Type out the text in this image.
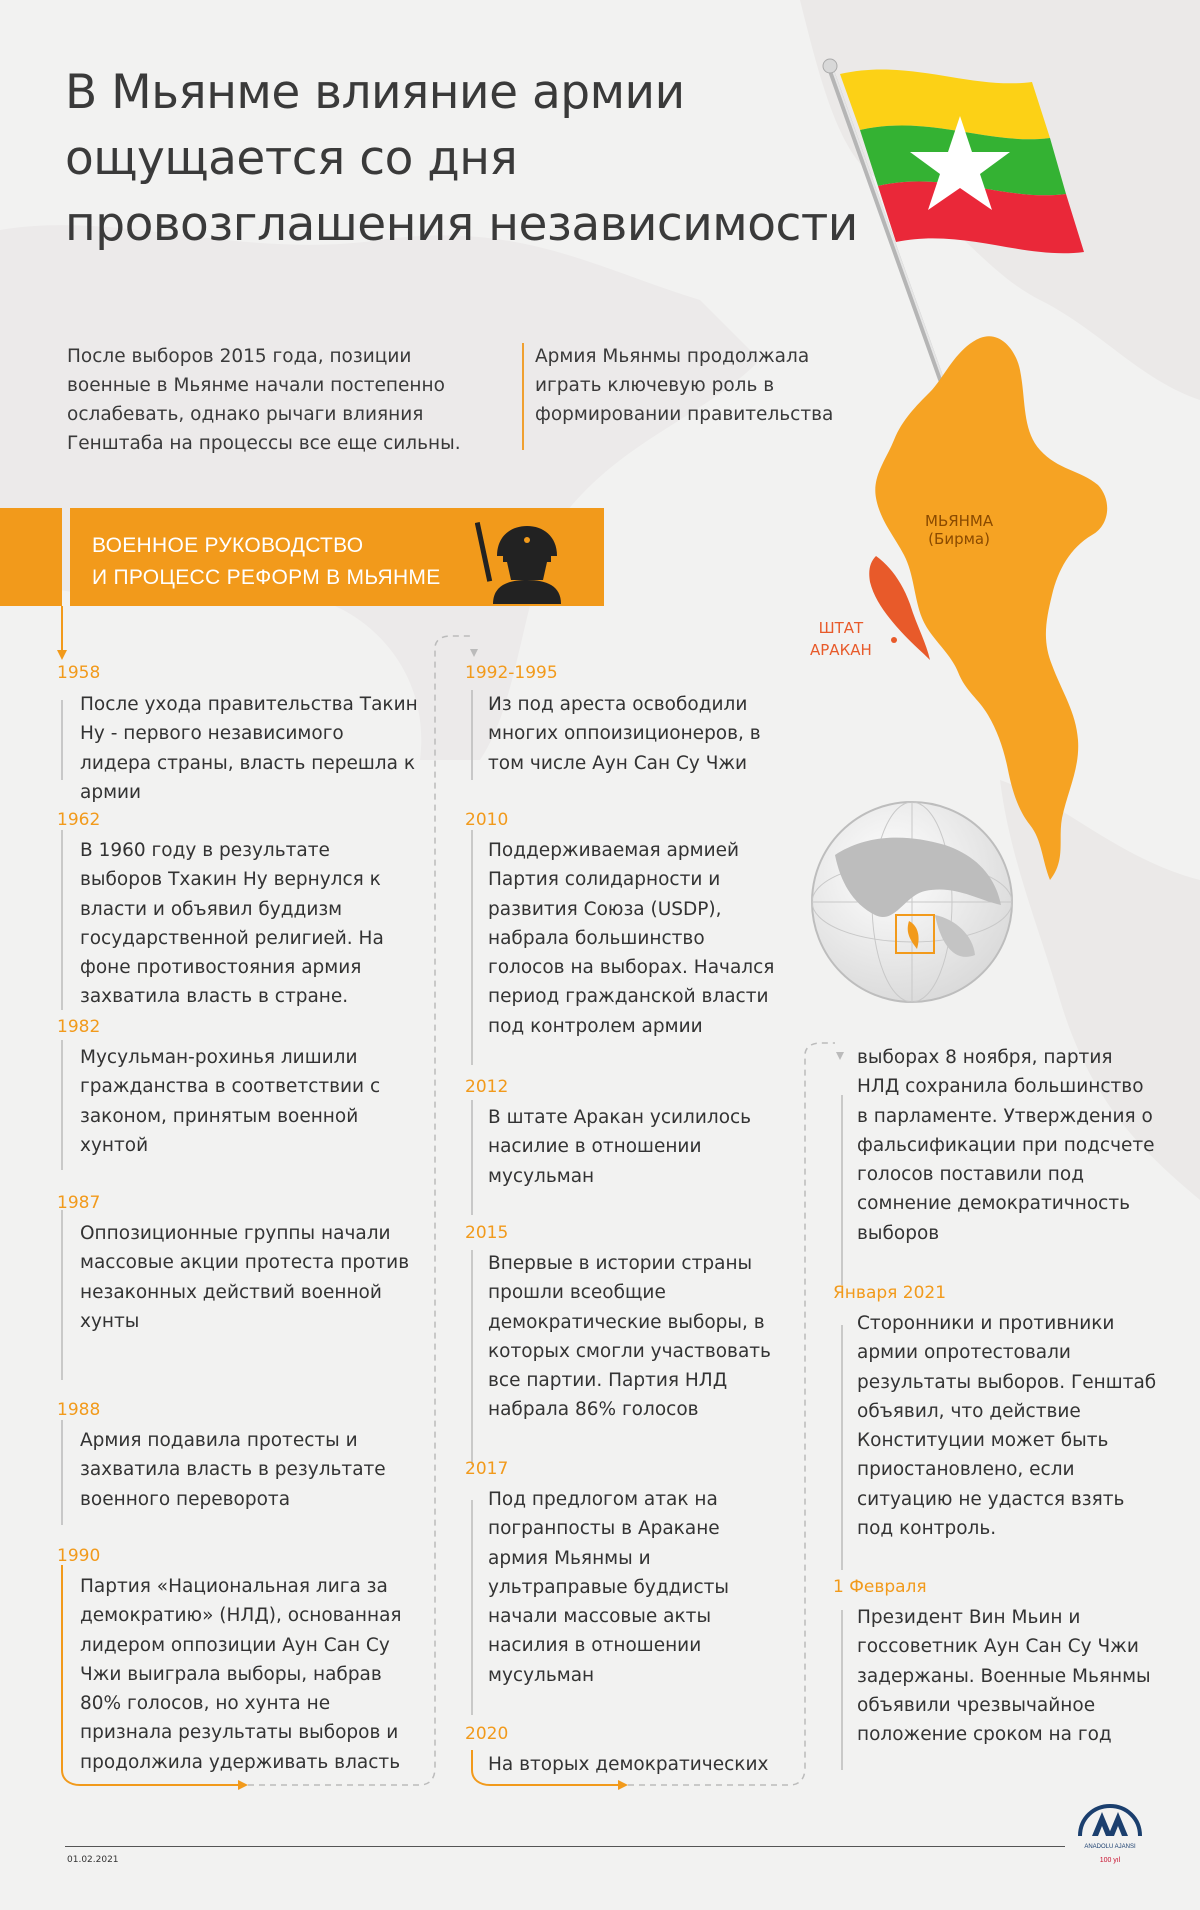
В Мьянме влияние армии ощущается со дня провозглашения независимости
МЬЯНМА
(Бирма)
ШТАТ
АРАКАН
После выборов 2015 года, позиции военные в Мьянме начали постепенно ослабевать, однако рычаги влияния Генштаба на процессы все еще сильны.
Армия Мьянмы продолжала играть ключевую роль в формировании правительства
ВОЕННОЕ РУКОВОДСТВО
И ПРОЦЕСС РЕФОРМ В МЬЯНМЕ
1958
После ухода правительства Такин Ну - первого независимого лидера страны, власть перешла к армии
1962
В 1960 году в результате выборов Тхакин Ну вернулся к власти и объявил буддизм государственной религией. На фоне противостояния армия захватила власть в стране.
1982
Мусульман-рохинья лишили гражданства в соответствии с законом, принятым военной хунтой
1987
Оппозиционные группы начали массовые акции протеста против незаконных действий военной хунты
1988
Армия подавила протесты и захватила власть в результате военного переворота
1990
Партия «Национальная лига за демократию» (НЛД), основанная лидером оппозиции Аун Сан Су Чжи выиграла выборы, набрав 80% голосов, но хунта не признала результаты выборов и продолжила удерживать власть
1992-1995
Из под ареста освободили многих оппоизиционеров, в том числе Аун Сан Су Чжи
2010
Поддерживаемая армией Партия солидарности и развития Союза (USDP), набрала большинство голосов на выборах. Начался период гражданской власти под контролем армии
2012
В штате Аракан усилилось насилие в отношении мусульман
2015
Впервые в истории страны прошли всеобщие демократические выборы, в которых смогли участвовать все партии. Партия НЛД набрала 86% голосов
2017
Под предлогом атак на погранпосты в Аракане армия Мьянмы и ультраправые буддисты начали массовые акты насилия в отношении мусульман
2020
На вторых демократических
выборах 8 ноября, партия НЛД сохранила большинство в парламенте. Утверждения о фальсификации при подсчете голосов поставили под сомнение демократичность выборов
Января 2021
Сторонники и противники армии опротестовали результаты выборов. Генштаб объявил, что действие Конституции может быть приостановлено, если ситуацию не удастся взять под контроль.
1 Февраля
Президент Вин Мьин и госсоветник Аун Сан Су Чжи задержаны. Военные Мьянмы объявили чрезвычайное положение сроком на год
01.02.2021
ANADOLU AJANSI
100 yıl
